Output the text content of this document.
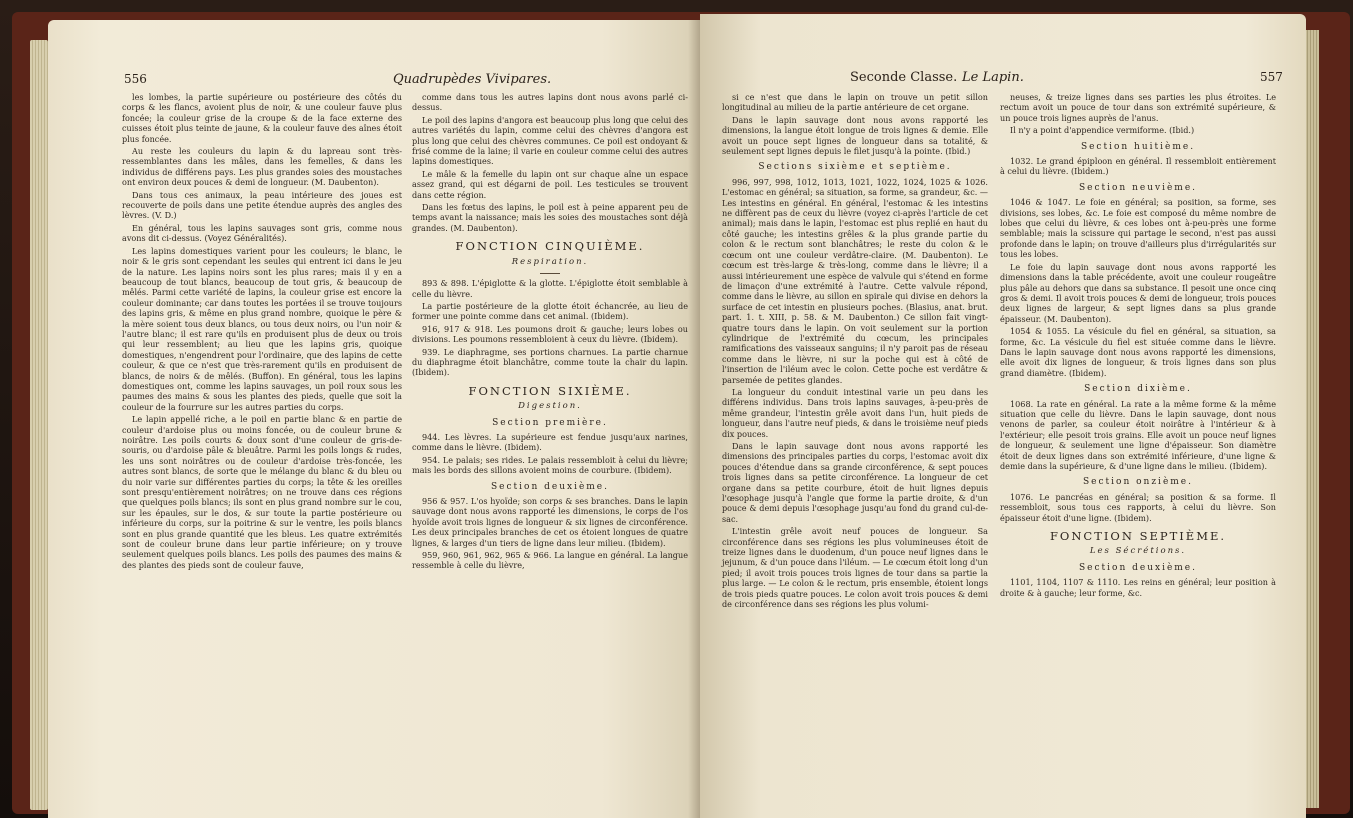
556	Quadrupèdes Vivipares.

les lombes, la partie supérieure ou postérieure des côtés du corps & les flancs, avoient plus de noir, & une couleur fauve plus foncée; la couleur grise de la croupe & de la face externe des cuisses étoit plus teinte de jaune, & la couleur fauve des aînes étoit plus foncée.

Au reste les couleurs du lapin & du lapreau sont très-ressemblantes dans les mâles, dans les femelles, & dans les individus de différens pays. Les plus grandes soies des moustaches ont environ deux pouces & demi de longueur. (M. Daubenton).

Dans tous ces animaux, la peau intérieure des joues est recouverte de poils dans une petite étendue auprès des angles des lèvres. (V. D.)

En général, tous les lapins sauvages sont gris, comme nous avons dit ci-dessus. (Voyez Généralités).

Les lapins domestiques varient pour les couleurs; le blanc, le noir & le gris sont cependant les seules qui entrent ici dans le jeu de la nature. Les lapins noirs sont les plus rares; mais il y en a beaucoup de tout blancs, beaucoup de tout gris, & beaucoup de mêlés. Parmi cette variété de lapins, la couleur grise est encore la couleur dominante; car dans toutes les portées il se trouve toujours des lapins gris, & même en plus grand nombre, quoique le père & la mère soient tous deux blancs, ou tous deux noirs, ou l'un noir & l'autre blanc; il est rare qu'ils en produisent plus de deux ou trois qui leur ressemblent; au lieu que les lapins gris, quoique domestiques, n'engendrent pour l'ordinaire, que des lapins de cette couleur, & que ce n'est que très-rarement qu'ils en produisent de blancs, de noirs & de mêlés. (Buffon). En général, tous les lapins domestiques ont, comme les lapins sauvages, un poil roux sous les paumes des mains & sous les plantes des pieds, quelle que soit la couleur de la fourrure sur les autres parties du corps.

Le lapin appellé riche, a le poil en partie blanc & en partie de couleur d'ardoise plus ou moins foncée, ou de couleur brune & noirâtre. Les poils courts & doux sont d'une couleur de gris-de-souris, ou d'ardoise pâle & bleuâtre. Parmi les poils longs & rudes, les uns sont noirâtres ou de couleur d'ardoise très-foncée, les autres sont blancs, de sorte que le mélange du blanc & du bleu ou du noir varie sur différentes parties du corps; la tête & les oreilles sont presqu'entièrement noirâtres; on ne trouve dans ces régions que quelques poils blancs; ils sont en plus grand nombre sur le cou, sur les épaules, sur le dos, & sur toute la partie postérieure ou inférieure du corps, sur la poitrine & sur le ventre, les poils blancs sont en plus grande quantité que les bleus. Les quatre extrémités sont de couleur brune dans leur partie inférieure; on y trouve seulement quelques poils blancs. Les poils des paumes des mains & des plantes des pieds sont de couleur fauve,

comme dans tous les autres lapins dont nous avons parlé ci-dessus.

Le poil des lapins d'angora est beaucoup plus long que celui des autres variétés du lapin, comme celui des chèvres d'angora est plus long que celui des chèvres communes. Ce poil est ondoyant & frisé comme de la laine; il varie en couleur comme celui des autres lapins domestiques.

Le mâle & la femelle du lapin ont sur chaque aîne un espace assez grand, qui est dégarni de poil. Les testicules se trouvent dans cette région.

Dans les fœtus des lapins, le poil est à peine apparent peu de temps avant la naissance; mais les soies des moustaches sont déjà grandes. (M. Daubenton).

FONCTION CINQUIÈME.
Respiration.

893 & 898. L'épiglotte & la glotte. L'épiglotte étoit semblable à celle du lièvre.

La partie postérieure de la glotte étoit échancrée, au lieu de former une pointe comme dans cet animal. (Ibidem).

916, 917 & 918. Les poumons droit & gauche; leurs lobes ou divisions. Les poumons ressembloient à ceux du lièvre. (Ibidem).

939. Le diaphragme, ses portions charnues. La partie charnue du diaphragme étoit blanchâtre, comme toute la chair du lapin. (Ibidem).

FONCTION SIXIÈME.
Digestion.
Section première.

944. Les lèvres. La supérieure est fendue jusqu'aux narines, comme dans le lièvre. (Ibidem).

954. Le palais; ses rides. Le palais ressembloit à celui du lièvre; mais les bords des sillons avoient moins de courbure. (Ibidem).

Section deuxième.

956 & 957. L'os hyoïde; son corps & ses branches. Dans le lapin sauvage dont nous avons rapporté les dimensions, le corps de l'os hyoïde avoit trois lignes de longueur & six lignes de circonférence. Les deux principales branches de cet os étoient longues de quatre lignes, & larges d'un tiers de ligne dans leur milieu. (Ibidem).

959, 960, 961, 962, 965 & 966. La langue en général. La langue ressemble à celle du lièvre,

Seconde Classe. Le Lapin.	557

si ce n'est que dans le lapin on trouve un petit sillon longitudinal au milieu de la partie antérieure de cet organe.

Dans le lapin sauvage dont nous avons rapporté les dimensions, la langue étoit longue de trois lignes & demie. Elle avoit un pouce sept lignes de longueur dans sa totalité, & seulement sept lignes depuis le filet jusqu'à la pointe. (Ibid.)

Sections sixième et septième.

996, 997, 998, 1012, 1013, 1021, 1022, 1024, 1025 & 1026. L'estomac en général; sa situation, sa forme, sa grandeur, &c. — Les intestins en général. En général, l'estomac & les intestins ne diffèrent pas de ceux du lièvre (voyez ci-après l'article de cet animal); mais dans le lapin, l'estomac est plus replié en haut du côté gauche; les intestins grêles & la plus grande partie du colon & le rectum sont blanchâtres; le reste du colon & le cœcum ont une couleur verdâtre-claire. (M. Daubenton). Le cœcum est très-large & très-long, comme dans le lièvre; il a aussi intérieurement une espèce de valvule qui s'étend en forme de limaçon d'une extrémité à l'autre. Cette valvule répond, comme dans le lièvre, au sillon en spirale qui divise en dehors la surface de cet intestin en plusieurs poches. (Blasius, anat. brut. part. 1. t. XIII, p. 58. & M. Daubenton.) Ce sillon fait vingt-quatre tours dans le lapin. On voit seulement sur la portion cylindrique de l'extrémité du cœcum, les principales ramifications des vaisseaux sanguins; il n'y paroit pas de réseau comme dans le lièvre, ni sur la poche qui est à côté de l'insertion de l'iléum avec le colon. Cette poche est verdâtre & parsemée de petites glandes.

La longueur du conduit intestinal varie un peu dans les différens individus. Dans trois lapins sauvages, à-peu-près de même grandeur, l'intestin grêle avoit dans l'un, huit pieds de longueur, dans l'autre neuf pieds, & dans le troisième neuf pieds dix pouces.

Dans le lapin sauvage dont nous avons rapporté les dimensions des principales parties du corps, l'estomac avoit dix pouces d'étendue dans sa grande circonférence, & sept pouces trois lignes dans sa petite circonférence. La longueur de cet organe dans sa petite courbure, étoit de huit lignes depuis l'œsophage jusqu'à l'angle que forme la partie droite, & d'un pouce & demi depuis l'œsophage jusqu'au fond du grand cul-de-sac.

L'intestin grêle avoit neuf pouces de longueur. Sa circonférence dans ses régions les plus volumineuses étoit de treize lignes dans le duodenum, d'un pouce neuf lignes dans le jejunum, & d'un pouce dans l'iléum. — Le cœcum étoit long d'un pied; il avoit trois pouces trois lignes de tour dans sa partie la plus large. — Le colon & le rectum, pris ensemble, étoient longs de trois pieds quatre pouces. Le colon avoit trois pouces & demi de circonférence dans ses régions les plus volumi-

neuses, & treize lignes dans ses parties les plus étroites. Le rectum avoit un pouce de tour dans son extrémité supérieure, & un pouce trois lignes auprès de l'anus.

Il n'y a point d'appendice vermiforme. (Ibid.)

Section huitième.

1032. Le grand épiploon en général. Il ressembloit entièrement à celui du lièvre. (Ibidem.)

Section neuvième.

1046 & 1047. Le foie en général; sa position, sa forme, ses divisions, ses lobes, &c. Le foie est composé du même nombre de lobes que celui du lièvre, & ces lobes ont à-peu-près une forme semblable; mais la scissure qui partage le second, n'est pas aussi profonde dans le lapin; on trouve d'ailleurs plus d'irrégularités sur tous les lobes.

Le foie du lapin sauvage dont nous avons rapporté les dimensions dans la table précédente, avoit une couleur rougeâtre plus pâle au dehors que dans sa substance. Il pesoit une once cinq gros & demi. Il avoit trois pouces & demi de longueur, trois pouces deux lignes de largeur, & sept lignes dans sa plus grande épaisseur. (M. Daubenton).

1054 & 1055. La vésicule du fiel en général, sa situation, sa forme, &c. La vésicule du fiel est située comme dans le lièvre. Dans le lapin sauvage dont nous avons rapporté les dimensions, elle avoit dix lignes de longueur, & trois lignes dans son plus grand diamètre. (Ibidem).

Section dixième.

1068. La rate en général. La rate a la même forme & la même situation que celle du lièvre. Dans le lapin sauvage, dont nous venons de parler, sa couleur étoit noirâtre à l'intérieur & à l'extérieur; elle pesoit trois grains. Elle avoit un pouce neuf lignes de longueur, & seulement une ligne d'épaisseur. Son diamètre étoit de deux lignes dans son extrémité inférieure, d'une ligne & demie dans la supérieure, & d'une ligne dans le milieu. (Ibidem).

Section onzième.

1076. Le pancréas en général; sa position & sa forme. Il ressembloit, sous tous ces rapports, à celui du lièvre. Son épaisseur étoit d'une ligne. (Ibidem).

FONCTION SEPTIÈME.
Les Sécrétions.
Section deuxième.

1101, 1104, 1107 & 1110. Les reins en général; leur position à droite & à gauche; leur forme, &c.
